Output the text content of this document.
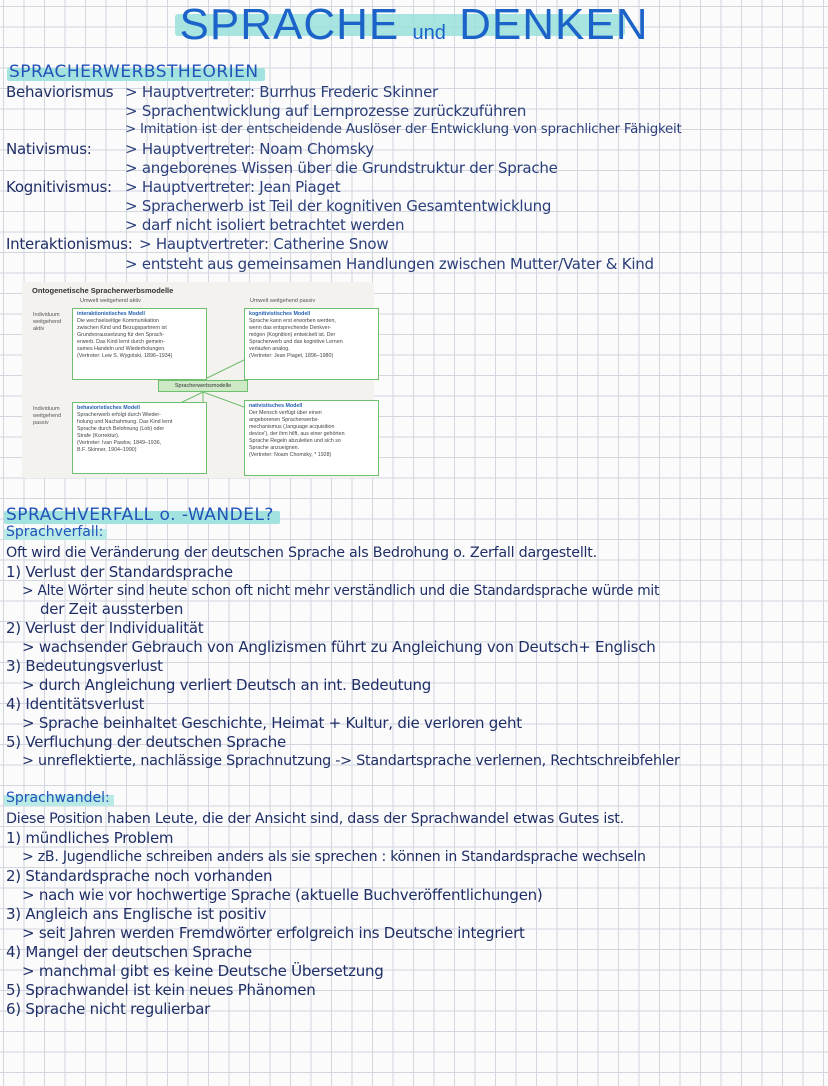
SPRACHE und DENKEN
SPRACHERWERBSTHEORIEN
Behaviorismus > Hauptvertreter: Burrhus Frederic Skinner
> Sprachentwicklung auf Lernprozesse zurückzuführen
> Imitation ist der entscheidende Auslöser der Entwicklung von sprachlicher Fähigkeit
Nativismus: > Hauptvertreter: Noam Chomsky
> angeborenes Wissen über die Grundstruktur der Sprache
Kognitivismus: > Hauptvertreter: Jean Piaget
> Spracherwerb ist Teil der kognitiven Gesamtentwicklung
> darf nicht isoliert betrachtet werden
Interaktionismus: > Hauptvertreter: Catherine Snow
> entsteht aus gemeinsamen Handlungen zwischen Mutter/Vater & Kind
Ontogenetische Spracherwerbsmodelle
Umwelt weitgehend aktiv	Umwelt weitgehend passiv
Individuum
weitgehend
aktiv
Individuum
weitgehend
passiv
interaktionistisches Modell
Die wechselseitige Kommunikation
zwischen Kind und Bezugspartnern ist
Grundvoraussetzung für den Sprach-
erwerb. Das Kind lernt durch gemein-
sames Handeln und Wiederholungen.
(Vertreter: Lew S. Wygotski, 1896–1934)
kognitivistisches Modell
Sprache kann erst erworben werden,
wenn das entsprechende Denkver-
mögen (Kognition) entwickelt ist. Der
Spracherwerb und das kognitive Lernen
verlaufen analog.
(Vertreter: Jean Piaget, 1896–1980)
Spracherwerbsmodelle
behavioristisches Modell
Spracherwerb erfolgt durch Wieder-
holung und Nachahmung. Das Kind lernt
Sprache durch Belohnung (Lob) oder
Strafe (Korrektur).
(Vertreter: Ivan Pawlov, 1849–1936,
B.F. Skinner, 1904–1990)
nativistisches Modell
Der Mensch verfügt über einen
angeborenen Spracherwerbs-
mechanismus (‚language acquisition
device'), der ihm hilft, aus einer gehörten
Sprache Regeln abzuleiten und sich so
Sprache anzueignen.
(Vertreter: Noam Chomsky, * 1928)
SPRACHVERFALL o. -WANDEL?
Sprachverfall:
Oft wird die Veränderung der deutschen Sprache als Bedrohung o. Zerfall dargestellt.
1) Verlust der Standardsprache
> Alte Wörter sind heute schon oft nicht mehr verständlich und die Standardsprache würde mit
der Zeit aussterben
2) Verlust der Individualität
> wachsender Gebrauch von Anglizismen führt zu Angleichung von Deutsch+ Englisch
3) Bedeutungsverlust
> durch Angleichung verliert Deutsch an int. Bedeutung
4) Identitätsverlust
> Sprache beinhaltet Geschichte, Heimat + Kultur, die verloren geht
5) Verfluchung der deutschen Sprache
> unreflektierte, nachlässige Sprachnutzung -> Standartsprache verlernen, Rechtschreibfehler
Sprachwandel:
Diese Position haben Leute, die der Ansicht sind, dass der Sprachwandel etwas Gutes ist.
1) mündliches Problem
> zB. Jugendliche schreiben anders als sie sprechen : können in Standardsprache wechseln
2) Standardsprache noch vorhanden
> nach wie vor hochwertige Sprache (aktuelle Buchveröffentlichungen)
3) Angleich ans Englische ist positiv
> seit Jahren werden Fremdwörter erfolgreich ins Deutsche integriert
4) Mangel der deutschen Sprache
> manchmal gibt es keine Deutsche Übersetzung
5) Sprachwandel ist kein neues Phänomen
6) Sprache nicht regulierbar
